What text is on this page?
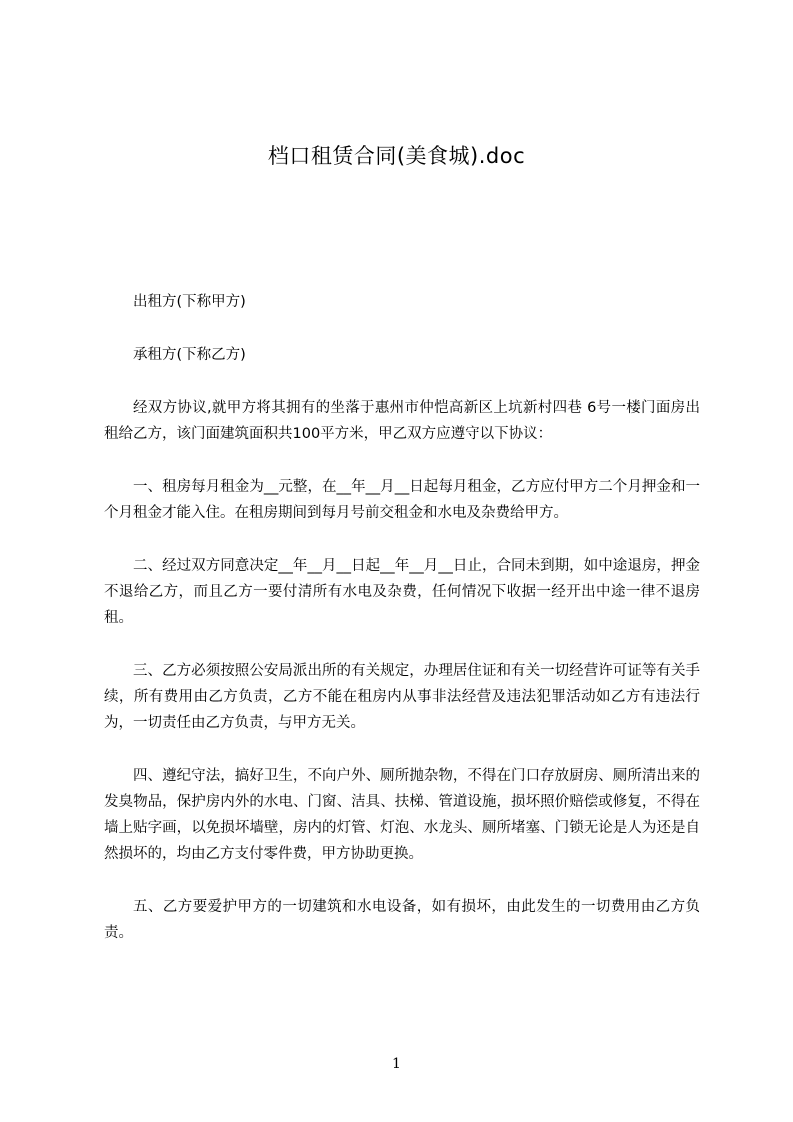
档口租赁合同(美食城).doc

出租方(下称甲方)

承租方(下称乙方)

经双方协议,就甲方将其拥有的坐落于惠州市仲恺高新区上坑新村四巷 6号一楼门面房出租给乙方，该门面建筑面积共100平方米，甲乙双方应遵守以下协议：

一、租房每月租金为__元整，在__年__月__日起每月租金，乙方应付甲方二个月押金和一个月租金才能入住。在租房期间到每月号前交租金和水电及杂费给甲方。

二、经过双方同意决定__年__月__日起__年__月__日止，合同未到期，如中途退房，押金不退给乙方，而且乙方一要付清所有水电及杂费，任何情况下收据一经开出中途一律不退房租。

三、乙方必须按照公安局派出所的有关规定，办理居住证和有关一切经营许可证等有关手续，所有费用由乙方负责，乙方不能在租房内从事非法经营及违法犯罪活动如乙方有违法行为，一切责任由乙方负责，与甲方无关。

四、遵纪守法，搞好卫生，不向户外、厕所抛杂物，不得在门口存放厨房、厕所清出来的发臭物品，保护房内外的水电、门窗、洁具、扶梯、管道设施，损坏照价赔偿或修复，不得在墙上贴字画，以免损坏墙壁，房内的灯管、灯泡、水龙头、厕所堵塞、门锁无论是人为还是自然损坏的，均由乙方支付零件费，甲方协助更换。

五、乙方要爱护甲方的一切建筑和水电设备，如有损坏，由此发生的一切费用由乙方负责。

1
